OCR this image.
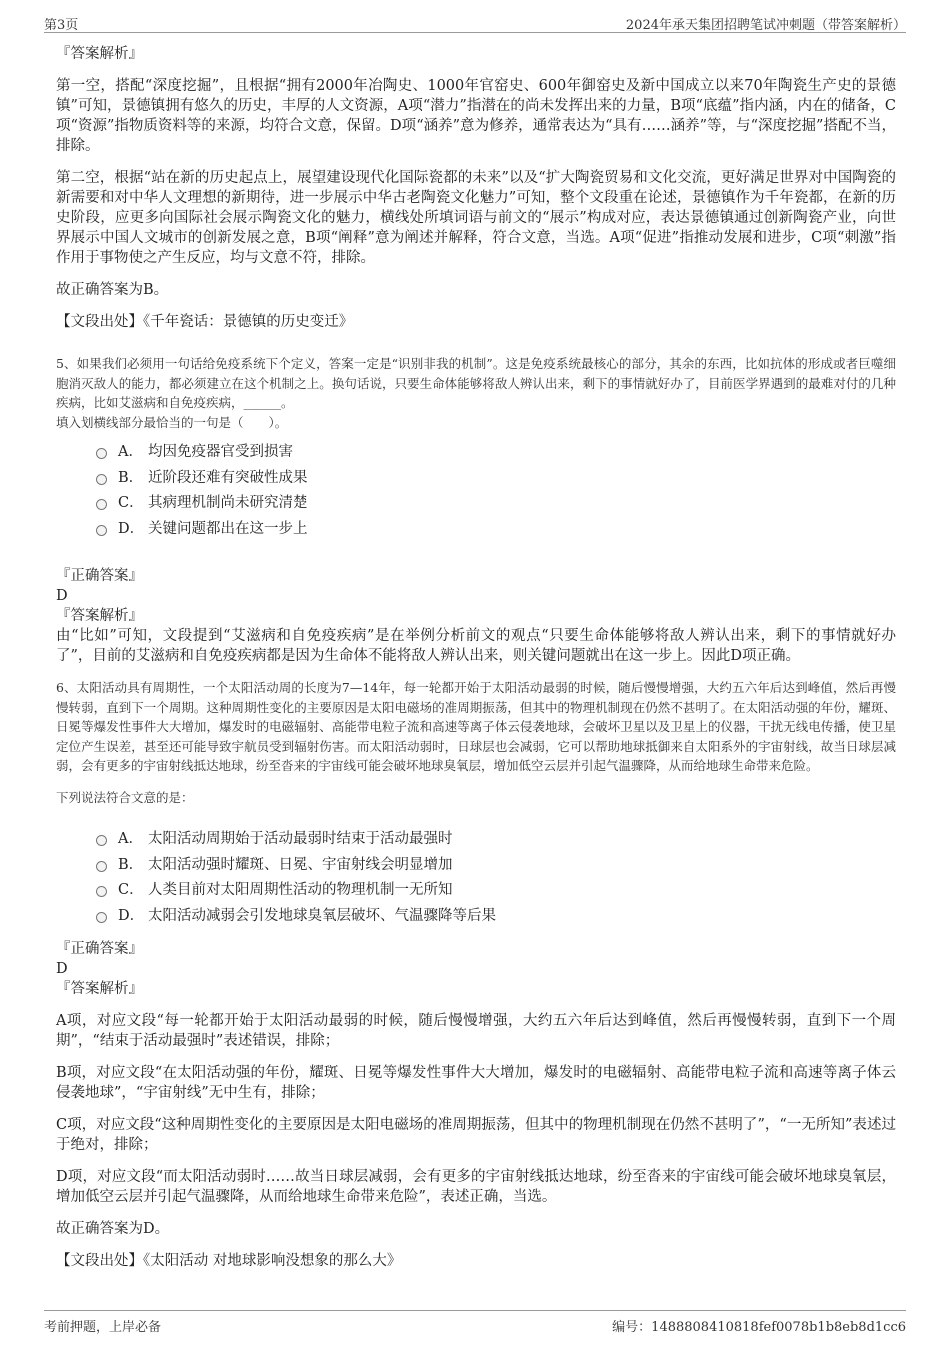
第3页	2024年承天集团招聘笔试冲刺题（带答案解析）

『答案解析』

第一空，搭配“深度挖掘”，且根据“拥有2000年冶陶史、1000年官窑史、600年御窑史及新中国成立以来70年陶瓷生产史的景德镇”可知，景德镇拥有悠久的历史，丰厚的人文资源，A项“潜力”指潜在的尚未发挥出来的力量，B项“底蕴”指内涵，内在的储备，C项“资源”指物质资料等的来源，均符合文意，保留。D项“涵养”意为修养，通常表达为“具有……涵养”等，与“深度挖掘”搭配不当，排除。

第二空，根据“站在新的历史起点上，展望建设现代化国际瓷都的未来”以及“扩大陶瓷贸易和文化交流，更好满足世界对中国陶瓷的新需要和对中华人文理想的新期待，进一步展示中华古老陶瓷文化魅力”可知，整个文段重在论述，景德镇作为千年瓷都，在新的历史阶段，应更多向国际社会展示陶瓷文化的魅力，横线处所填词语与前文的“展示”构成对应，表达景德镇通过创新陶瓷产业，向世界展示中国人文城市的创新发展之意，B项“阐释”意为阐述并解释，符合文意，当选。A项“促进”指推动发展和进步，C项“刺激”指作用于事物使之产生反应，均与文意不符，排除。

故正确答案为B。

【文段出处】《千年瓷话：景德镇的历史变迁》

5、如果我们必须用一句话给免疫系统下个定义，答案一定是“识别非我的机制”。这是免疫系统最核心的部分，其余的东西，比如抗体的形成或者巨噬细胞消灭敌人的能力，都必须建立在这个机制之上。换句话说，只要生命体能够将敌人辨认出来，剩下的事情就好办了，目前医学界遇到的最难对付的几种疾病，比如艾滋病和自免疫疾病，______。

填入划横线部分最恰当的一句是（　　）。

A． 均因免疫器官受到损害
B． 近阶段还难有突破性成果
C． 其病理机制尚未研究清楚
D． 关键问题都出在这一步上

『正确答案』

D

『答案解析』

由“比如”可知，文段提到“艾滋病和自免疫疾病”是在举例分析前文的观点“只要生命体能够将敌人辨认出来，剩下的事情就好办了”，目前的艾滋病和自免疫疾病都是因为生命体不能将敌人辨认出来，则关键问题就出在这一步上。因此D项正确。

6、太阳活动具有周期性，一个太阳活动周的长度为7—14年，每一轮都开始于太阳活动最弱的时候，随后慢慢增强，大约五六年后达到峰值，然后再慢慢转弱，直到下一个周期。这种周期性变化的主要原因是太阳电磁场的准周期振荡，但其中的物理机制现在仍然不甚明了。在太阳活动强的年份，耀斑、日冕等爆发性事件大大增加，爆发时的电磁辐射、高能带电粒子流和高速等离子体云侵袭地球，会破坏卫星以及卫星上的仪器，干扰无线电传播，使卫星定位产生误差，甚至还可能导致宇航员受到辐射伤害。而太阳活动弱时，日球层也会减弱，它可以帮助地球抵御来自太阳系外的宇宙射线，故当日球层减弱，会有更多的宇宙射线抵达地球，纷至沓来的宇宙线可能会破坏地球臭氧层，增加低空云层并引起气温骤降，从而给地球生命带来危险。

下列说法符合文意的是：

A． 太阳活动周期始于活动最弱时结束于活动最强时
B． 太阳活动强时耀斑、日冕、宇宙射线会明显增加
C． 人类目前对太阳周期性活动的物理机制一无所知
D． 太阳活动减弱会引发地球臭氧层破坏、气温骤降等后果

『正确答案』

D

『答案解析』

A项，对应文段“每一轮都开始于太阳活动最弱的时候，随后慢慢增强，大约五六年后达到峰值，然后再慢慢转弱，直到下一个周期”，“结束于活动最强时”表述错误，排除；

B项，对应文段“在太阳活动强的年份，耀斑、日冕等爆发性事件大大增加，爆发时的电磁辐射、高能带电粒子流和高速等离子体云侵袭地球”，“宇宙射线”无中生有，排除；

C项，对应文段“这种周期性变化的主要原因是太阳电磁场的准周期振荡，但其中的物理机制现在仍然不甚明了”，“一无所知”表述过于绝对，排除；

D项，对应文段“而太阳活动弱时……故当日球层减弱，会有更多的宇宙射线抵达地球，纷至沓来的宇宙线可能会破坏地球臭氧层，增加低空云层并引起气温骤降，从而给地球生命带来危险”，表述正确，当选。

故正确答案为D。

【文段出处】《太阳活动 对地球影响没想象的那么大》

考前押题，上岸必备	编号：1488808410818fef0078b1b8eb8d1cc6
